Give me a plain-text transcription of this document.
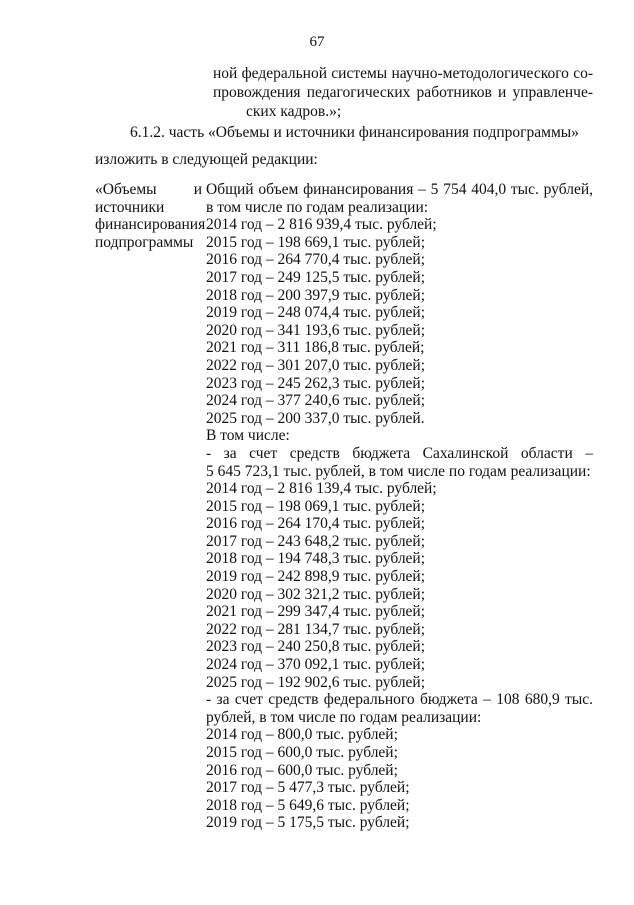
67
ной федеральной системы научно-методологического со-
провождения педагогических работников и управленче-
ских кадров.»;
6.1.2. часть «Объемы и источники финансирования подпрограммы»
изложить в следующей редакции:
«Объемы и
источники
финансирования
подпрограммы
Общий объем финансирования – 5 754 404,0 тыс. рублей,
в том числе по годам реализации:
2014 год – 2 816 939,4 тыс. рублей;
2015 год – 198 669,1 тыс. рублей;
2016 год – 264 770,4 тыс. рублей;
2017 год – 249 125,5 тыс. рублей;
2018 год – 200 397,9 тыс. рублей;
2019 год – 248 074,4 тыс. рублей;
2020 год – 341 193,6 тыс. рублей;
2021 год – 311 186,8 тыс. рублей;
2022 год – 301 207,0 тыс. рублей;
2023 год – 245 262,3 тыс. рублей;
2024 год – 377 240,6 тыс. рублей;
2025 год – 200 337,0 тыс. рублей.
В том числе:
- за счет средств бюджета Сахалинской области –
5 645 723,1 тыс. рублей, в том числе по годам реализации:
2014 год – 2 816 139,4 тыс. рублей;
2015 год – 198 069,1 тыс. рублей;
2016 год – 264 170,4 тыс. рублей;
2017 год – 243 648,2 тыс. рублей;
2018 год – 194 748,3 тыс. рублей;
2019 год – 242 898,9 тыс. рублей;
2020 год – 302 321,2 тыс. рублей;
2021 год – 299 347,4 тыс. рублей;
2022 год – 281 134,7 тыс. рублей;
2023 год – 240 250,8 тыс. рублей;
2024 год – 370 092,1 тыс. рублей;
2025 год – 192 902,6 тыс. рублей;
- за счет средств федерального бюджета – 108 680,9 тыс.
рублей, в том числе по годам реализации:
2014 год – 800,0 тыс. рублей;
2015 год – 600,0 тыс. рублей;
2016 год – 600,0 тыс. рублей;
2017 год – 5 477,3 тыс. рублей;
2018 год – 5 649,6 тыс. рублей;
2019 год – 5 175,5 тыс. рублей;
